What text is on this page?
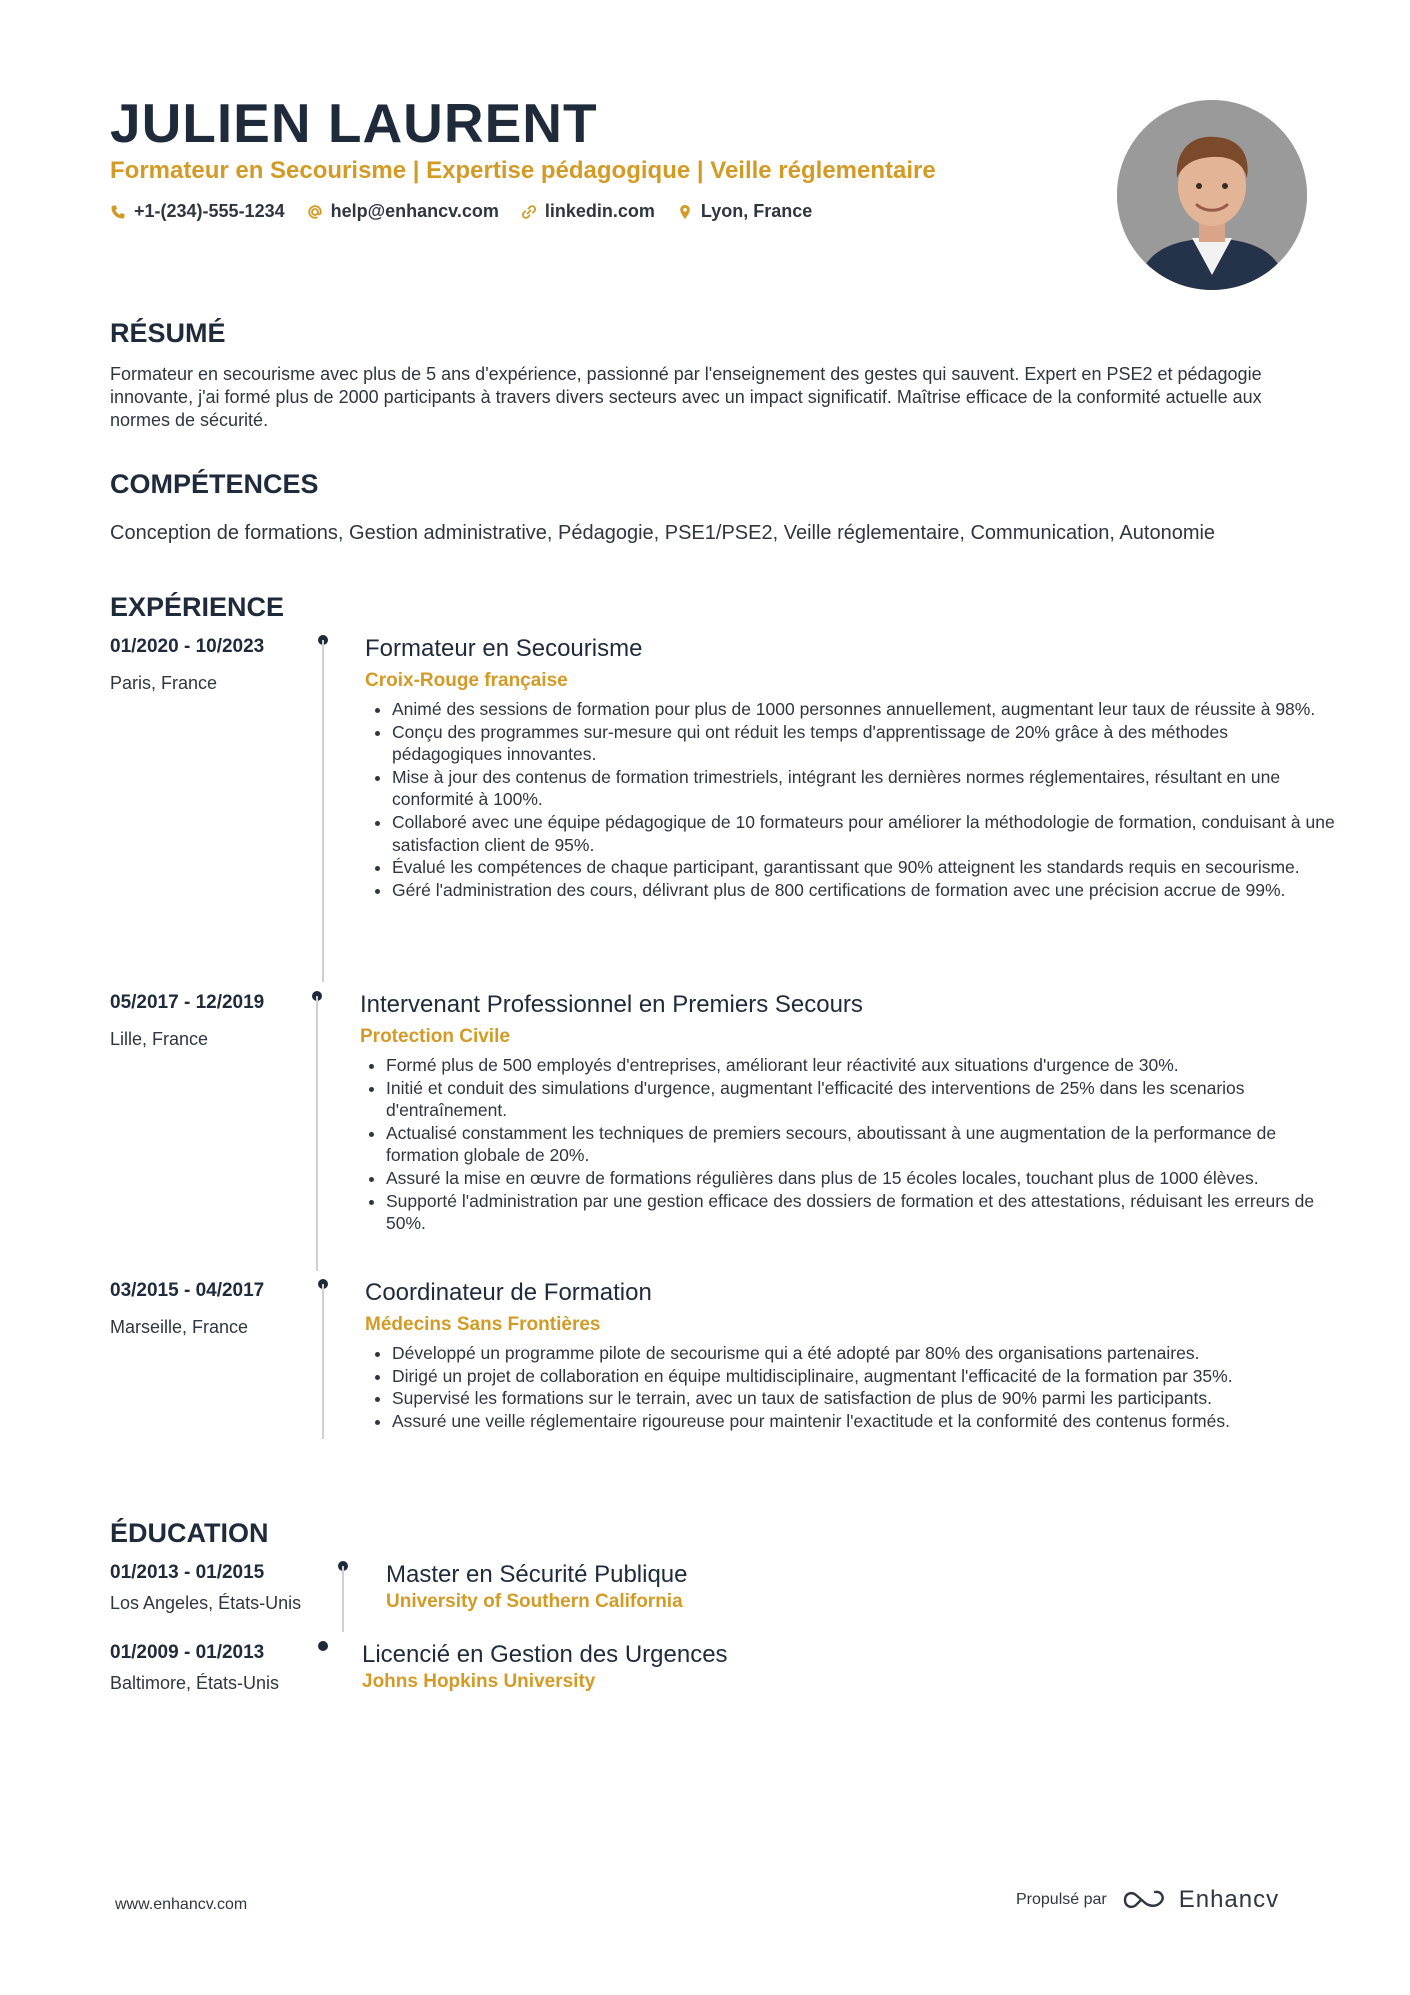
JULIEN LAURENT

Formateur en Secourisme | Expertise pédagogique | Veille réglementaire

+1-(234)-555-1234	help@enhancv.com	linkedin.com	Lyon, France
RÉSUMÉ

Formateur en secourisme avec plus de 5 ans d'expérience, passionné par l'enseignement des gestes qui sauvent. Expert en PSE2 et pédagogie innovante, j'ai formé plus de 2000 participants à travers divers secteurs avec un impact significatif. Maîtrise efficace de la conformité actuelle aux normes de sécurité.

COMPÉTENCES

Conception de formations, Gestion administrative, Pédagogie, PSE1/PSE2, Veille réglementaire, Communication, Autonomie

EXPÉRIENCE
01/2020 - 10/2023
Paris, France
Formateur en Secourisme
Croix-Rouge française
• Animé des sessions de formation pour plus de 1000 personnes annuellement, augmentant leur taux de réussite à 98%.
• Conçu des programmes sur-mesure qui ont réduit les temps d'apprentissage de 20% grâce à des méthodes pédagogiques innovantes.
• Mise à jour des contenus de formation trimestriels, intégrant les dernières normes réglementaires, résultant en une conformité à 100%.
• Collaboré avec une équipe pédagogique de 10 formateurs pour améliorer la méthodologie de formation, conduisant à une satisfaction client de 95%.
• Évalué les compétences de chaque participant, garantissant que 90% atteignent les standards requis en secourisme.
• Géré l'administration des cours, délivrant plus de 800 certifications de formation avec une précision accrue de 99%.
05/2017 - 12/2019
Lille, France
Intervenant Professionnel en Premiers Secours
Protection Civile
• Formé plus de 500 employés d'entreprises, améliorant leur réactivité aux situations d'urgence de 30%.
• Initié et conduit des simulations d'urgence, augmentant l'efficacité des interventions de 25% dans les scenarios d'entraînement.
• Actualisé constamment les techniques de premiers secours, aboutissant à une augmentation de la performance de formation globale de 20%.
• Assuré la mise en œuvre de formations régulières dans plus de 15 écoles locales, touchant plus de 1000 élèves.
• Supporté l'administration par une gestion efficace des dossiers de formation et des attestations, réduisant les erreurs de 50%.
03/2015 - 04/2017
Marseille, France
Coordinateur de Formation
Médecins Sans Frontières
• Développé un programme pilote de secourisme qui a été adopté par 80% des organisations partenaires.
• Dirigé un projet de collaboration en équipe multidisciplinaire, augmentant l'efficacité de la formation par 35%.
• Supervisé les formations sur le terrain, avec un taux de satisfaction de plus de 90% parmi les participants.
• Assuré une veille réglementaire rigoureuse pour maintenir l'exactitude et la conformité des contenus formés.
ÉDUCATION
01/2013 - 01/2015
Los Angeles, États-Unis
Master en Sécurité Publique
University of Southern California
01/2009 - 01/2013
Baltimore, États-Unis
Licencié en Gestion des Urgences
Johns Hopkins University
www.enhancv.com	Propulsé par	Enhancv
